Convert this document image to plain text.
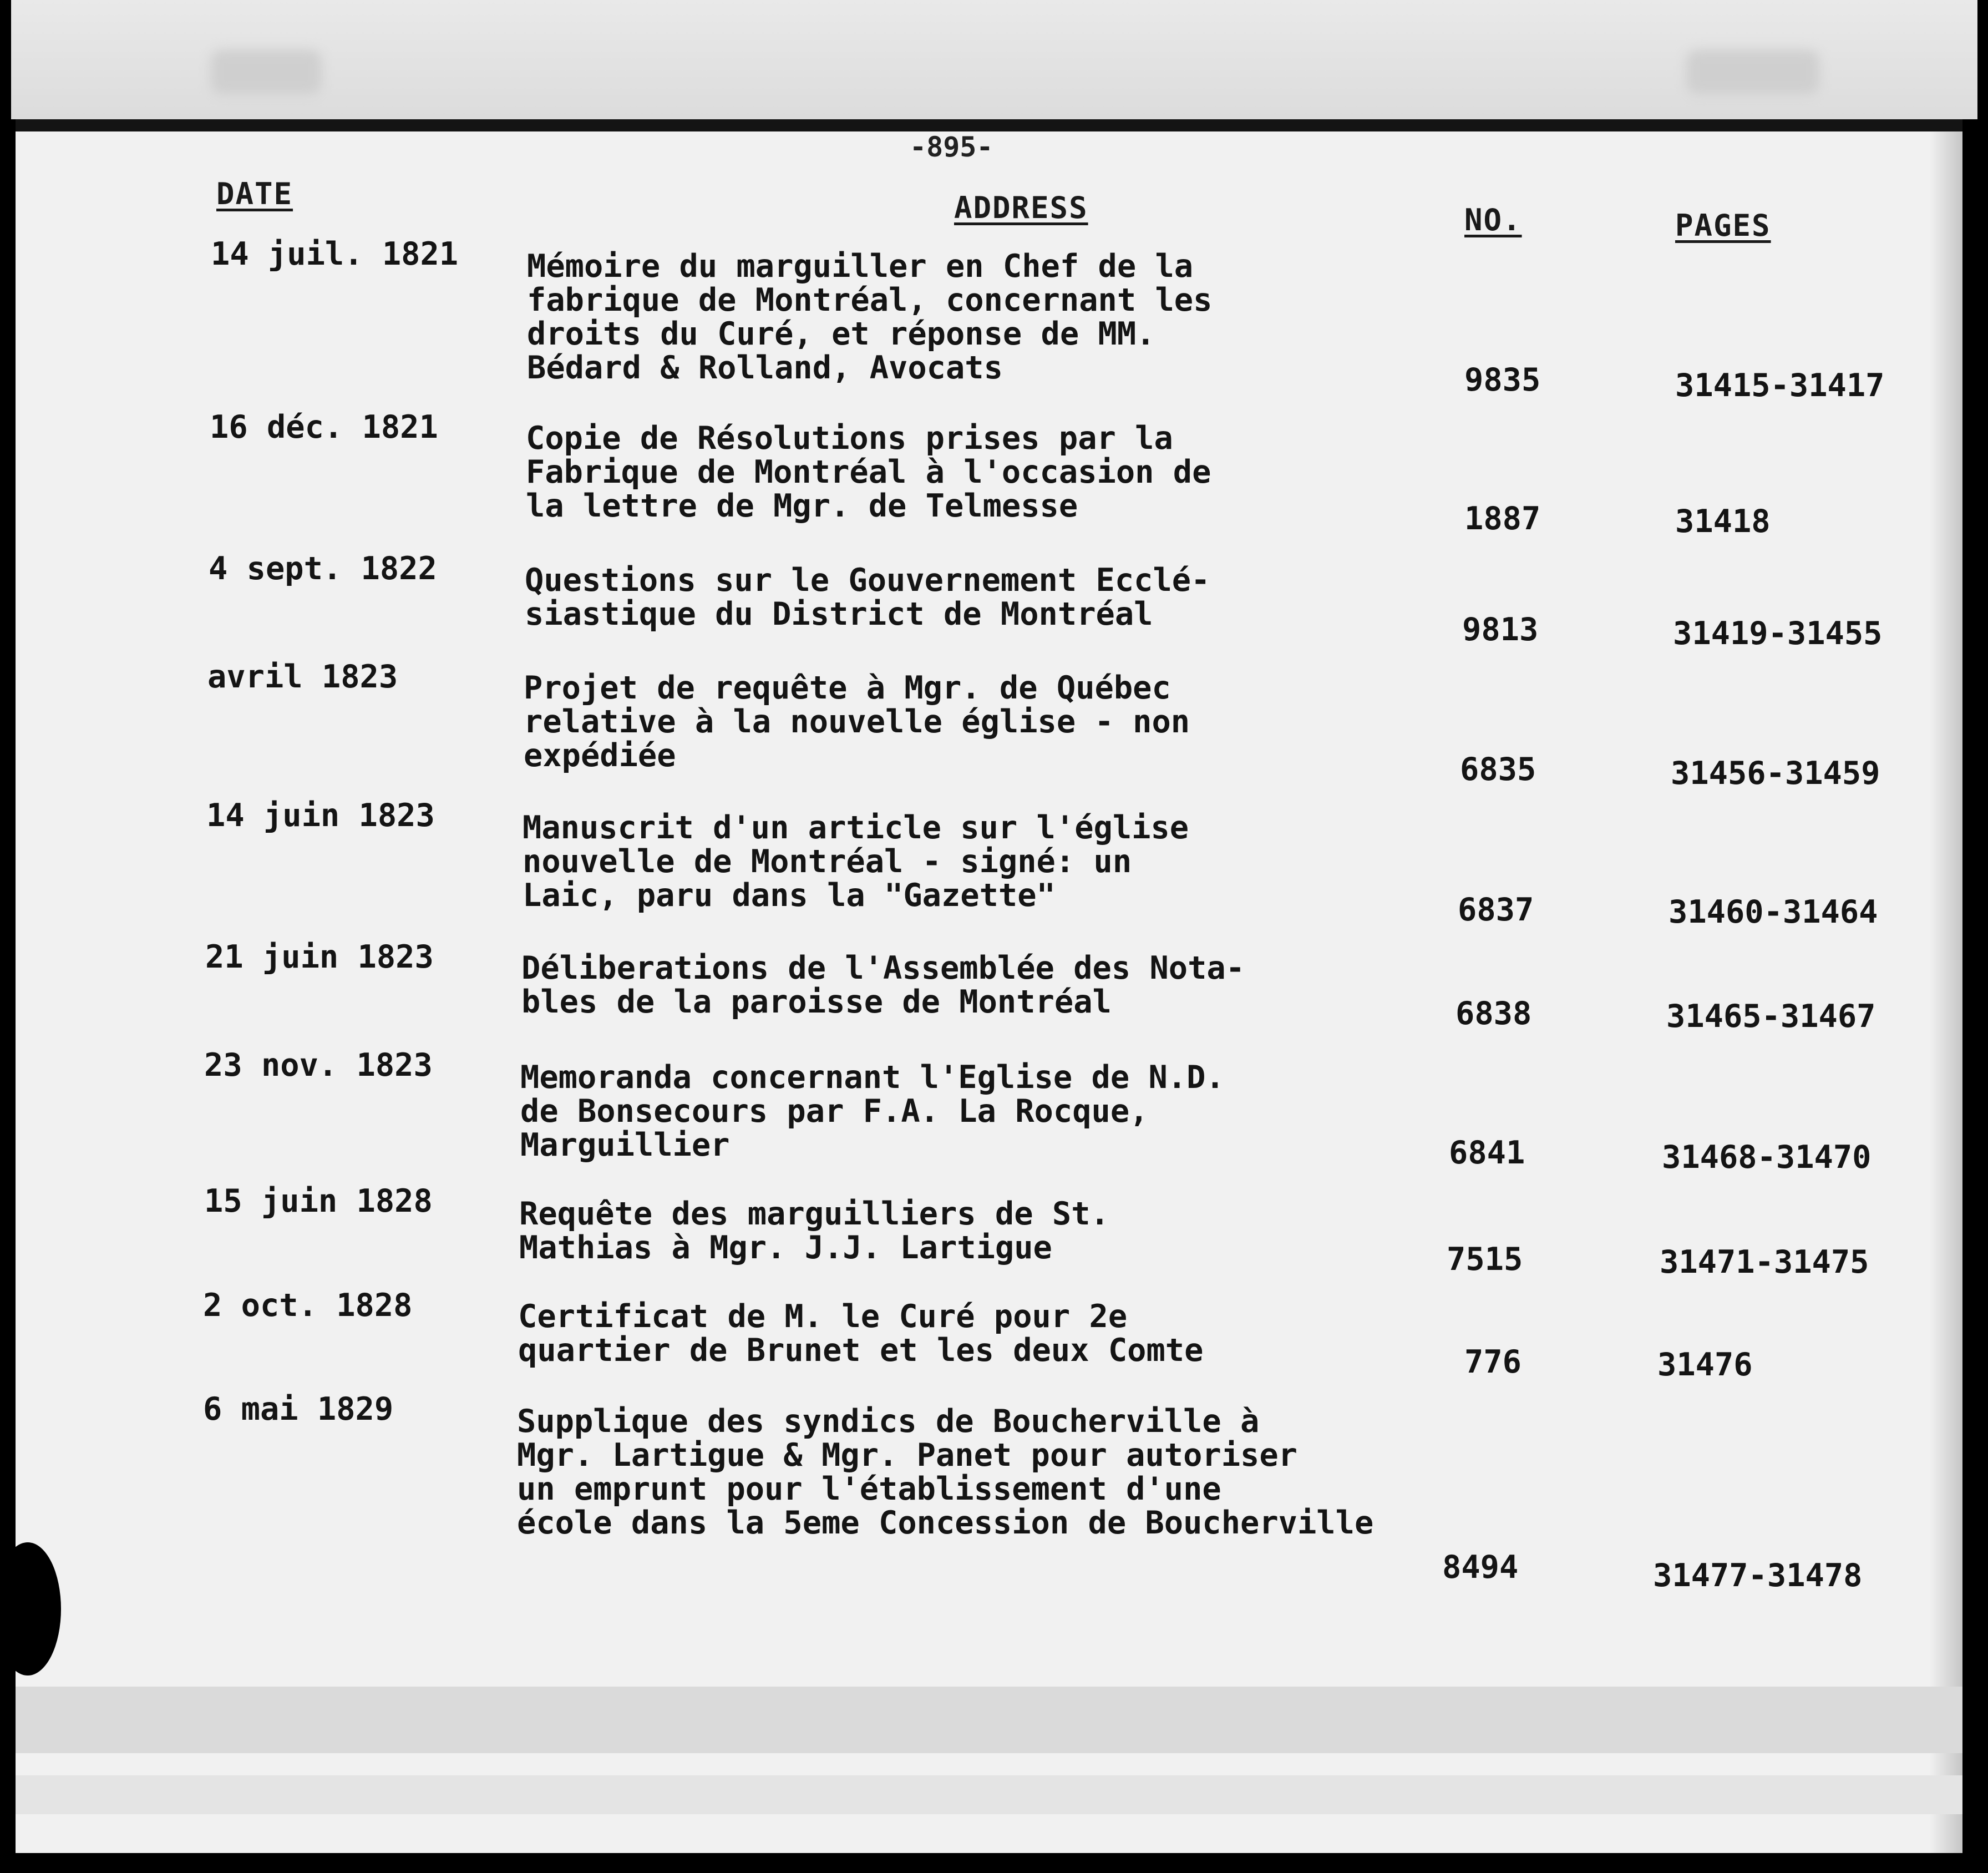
-895-
DATE	ADDRESS	NO.	PAGES
14 juil. 1821	Mémoire du marguiller en Chef de la
fabrique de Montréal, concernant les
droits du Curé, et réponse de MM.
Bédard & Rolland, Avocats	9835	31415-31417
16 déc. 1821	Copie de Résolutions prises par la
Fabrique de Montréal à l'occasion de
la lettre de Mgr. de Telmesse	1887	31418
4 sept. 1822	Questions sur le Gouvernement Ecclé-
siastique du District de Montréal	9813	31419-31455
avril 1823	Projet de requête à Mgr. de Québec
relative à la nouvelle église - non
expédiée	6835	31456-31459
14 juin 1823	Manuscrit d'un article sur l'église
nouvelle de Montréal - signé: un
Laic, paru dans la "Gazette"	6837	31460-31464
21 juin 1823	Déliberations de l'Assemblée des Nota-
bles de la paroisse de Montréal	6838	31465-31467
23 nov. 1823	Memoranda concernant l'Eglise de N.D.
de Bonsecours par F.A. La Rocque,
Marguillier	6841	31468-31470
15 juin 1828	Requête des marguilliers de St.
Mathias à Mgr. J.J. Lartigue	7515	31471-31475
2 oct. 1828	Certificat de M. le Curé pour 2e
quartier de Brunet et les deux Comte	776	31476
6 mai 1829	Supplique des syndics de Boucherville à
Mgr. Lartigue & Mgr. Panet pour autoriser
un emprunt pour l'établissement d'une
école dans la 5eme Concession de Boucherville
8494	31477-31478
